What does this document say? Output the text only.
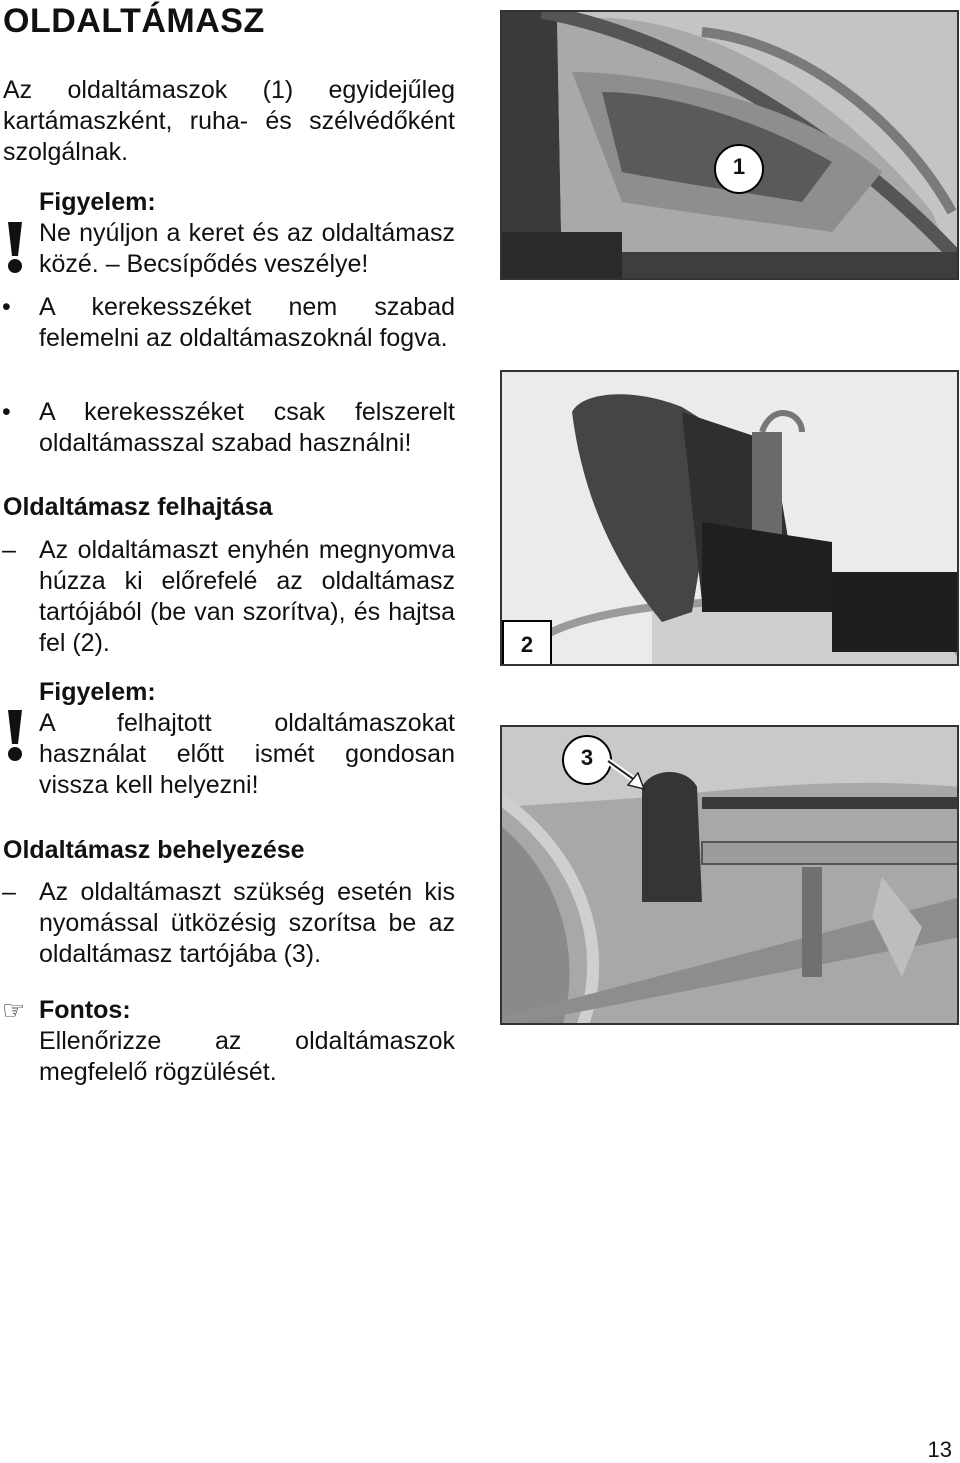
OLDALTÁMASZ
Az oldaltámaszok (1) egyidejűleg kartámaszként, ruha- és szélvédőként szolgálnak.
Figyelem:
Ne nyúljon a keret és az oldaltámasz közé. – Becsípődés veszélye!
• A kerekesszéket nem szabad felemelni az oldaltámaszoknál fogva.
• A kerekesszéket csak felszerelt oldaltámasszal szabad használni!
Oldaltámasz felhajtása
– Az oldaltámaszt enyhén megnyomva húzza ki előrefelé az oldaltámasz tartójából (be van szorítva), és hajtsa fel (2).
Figyelem:
A felhajtott oldaltámaszokat használat előtt ismét gondosan vissza kell helyezni!
Oldaltámasz behelyezése
– Az oldaltámaszt szükség esetén kis nyomással ütközésig szorítsa be az oldaltámasz tartójába (3).
☞ Fontos:
Ellenőrizze az oldaltámaszok megfelelő rögzülését.
1
2
3
13
